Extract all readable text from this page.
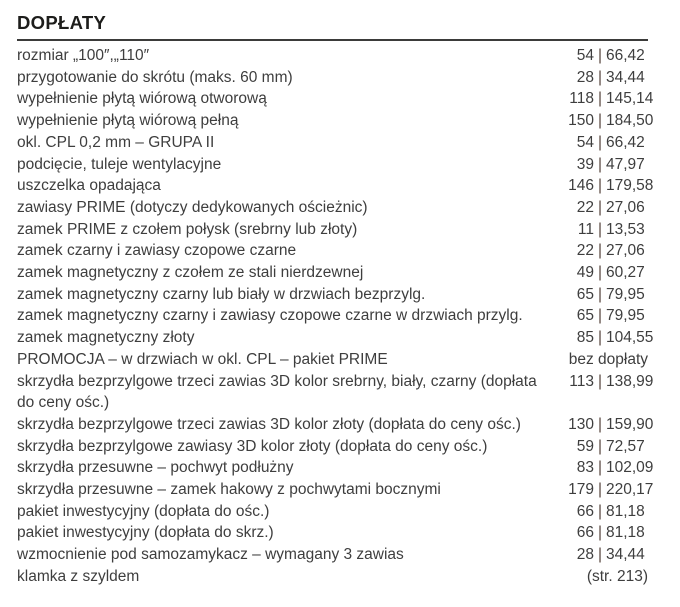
DOPŁATY
rozmiar „100″,„110″	54 | 66,42
przygotowanie do skrótu (maks. 60 mm)	28 | 34,44
wypełnienie płytą wiórową otworową	118 | 145,14
wypełnienie płytą wiórową pełną	150 | 184,50
okl. CPL 0,2 mm – GRUPA II	54 | 66,42
podcięcie, tuleje wentylacyjne	39 | 47,97
uszczelka opadająca	146 | 179,58
zawiasy PRIME (dotyczy dedykowanych ościeżnic)	22 | 27,06
zamek PRIME z czołem połysk (srebrny lub złoty)	11 | 13,53
zamek czarny i zawiasy czopowe czarne	22 | 27,06
zamek magnetyczny z czołem ze stali nierdzewnej	49 | 60,27
zamek magnetyczny czarny lub biały w drzwiach bezprzylg.	65 | 79,95
zamek magnetyczny czarny i zawiasy czopowe czarne w drzwiach przylg.	65 | 79,95
zamek magnetyczny złoty	85 | 104,55
PROMOCJA – w drzwiach w okl. CPL – pakiet PRIME	bez dopłaty
skrzydła bezprzylgowe trzeci zawias 3D kolor srebrny, biały, czarny (dopłata do ceny ośc.)
113 | 138,99
skrzydła bezprzylgowe trzeci zawias 3D kolor złoty (dopłata do ceny ośc.)	130 | 159,90
skrzydła bezprzylgowe zawiasy 3D kolor złoty (dopłata do ceny ośc.)	59 | 72,57
skrzydła przesuwne – pochwyt podłużny	83 | 102,09
skrzydła przesuwne – zamek hakowy z pochwytami bocznymi	179 | 220,17
pakiet inwestycyjny (dopłata do ośc.)	66 | 81,18
pakiet inwestycyjny (dopłata do skrz.)	66 | 81,18
wzmocnienie pod samozamykacz – wymagany 3 zawias	28 | 34,44
klamka z szyldem	(str. 213)
